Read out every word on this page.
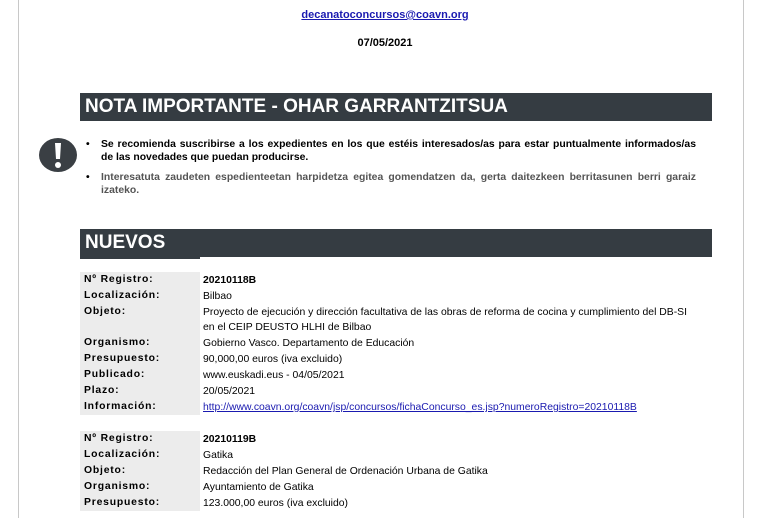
decanatoconcursos@coavn.org
07/05/2021
NOTA IMPORTANTE - OHAR GARRANTZITSUA
• Se recomienda suscribirse a los expedientes en los que estéis interesados/as para estar puntualmente informados/as de las novedades que puedan producirse.
• Interesatuta zaudeten espedienteetan harpidetza egitea gomendatzen da, gerta daitezkeen berritasunen berri garaiz izateko.
NUEVOS
Nº Registro:	20210118B
Localización:	Bilbao
Objeto:	Proyecto de ejecución y dirección facultativa de las obras de reforma de cocina y cumplimiento del DB-SI en el CEIP DEUSTO HLHI de Bilbao
Organismo:	Gobierno Vasco. Departamento de Educación
Presupuesto:	90,000,00 euros (iva excluido)
Publicado:	www.euskadi.eus - 04/05/2021
Plazo:	20/05/2021
Información:	http://www.coavn.org/coavn/jsp/concursos/fichaConcurso_es.jsp?numeroRegistro=20210118B
Nº Registro:	20210119B
Localización:	Gatika
Objeto:	Redacción del Plan General de Ordenación Urbana de Gatika
Organismo:	Ayuntamiento de Gatika
Presupuesto:	123.000,00 euros (iva excluido)
